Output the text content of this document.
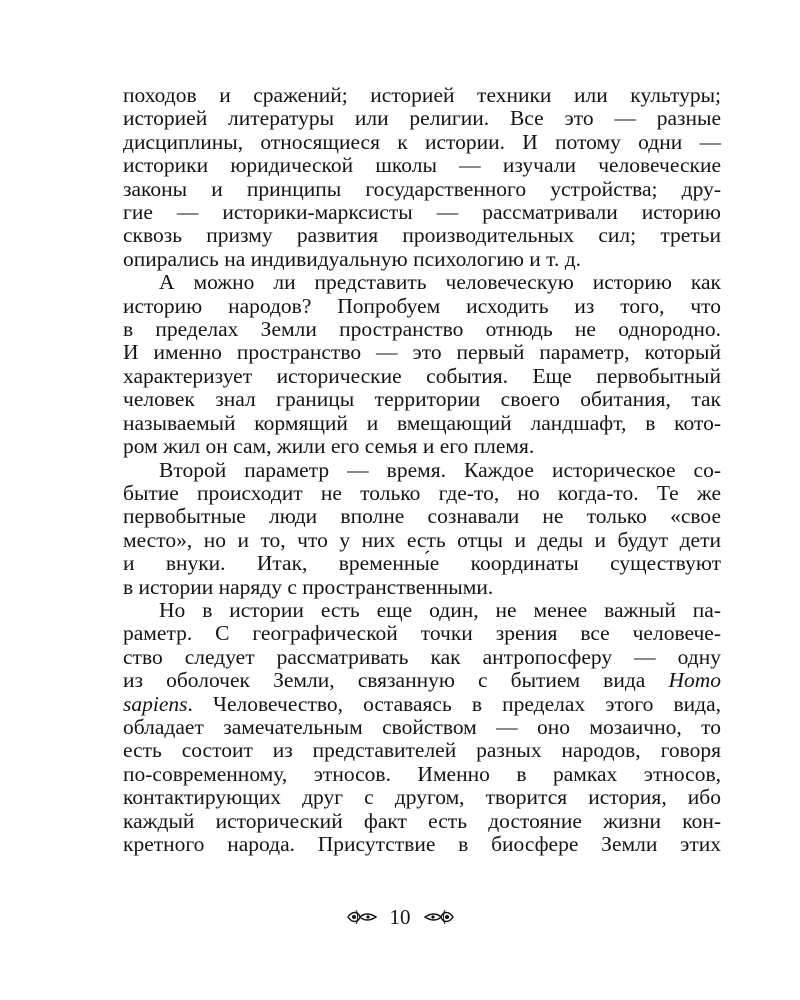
походов и сражений; историей техники или культуры;
историей литературы или религии. Все это — разные
дисциплины, относящиеся к истории. И потому одни —
историки юридической школы — изучали человеческие
законы и принципы государственного устройства; дру-
гие — историки-марксисты — рассматривали историю
сквозь призму развития производительных сил; третьи
опирались на индивидуальную психологию и т. д.

А можно ли представить человеческую историю как
историю народов? Попробуем исходить из того, что
в пределах Земли пространство отнюдь не однородно.
И именно пространство — это первый параметр, который
характеризует исторические события. Еще первобытный
человек знал границы территории своего обитания, так
называемый кормящий и вмещающий ландшафт, в кото-
ром жил он сам, жили его семья и его племя.

Второй параметр — время. Каждое историческое со-
бытие происходит не только где-то, но когда-то. Те же
первобытные люди вполне сознавали не только «свое
место», но и то, что у них есть отцы и деды и будут дети
и внуки. Итак, временны́е координаты существуют
в истории наряду с пространственными.

Но в истории есть еще один, не менее важный па-
раметр. С географической точки зрения все человече-
ство следует рассматривать как антропосферу — одну
из оболочек Земли, связанную с бытием вида Homo
sapiens. Человечество, оставаясь в пределах этого вида,
обладает замечательным свойством — оно мозаично, то
есть состоит из представителей разных народов, говоря
по-современному, этносов. Именно в рамках этносов,
контактирующих друг с другом, творится история, ибо
каждый исторический факт есть достояние жизни кон-
кретного народа. Присутствие в биосфере Земли этих

10
